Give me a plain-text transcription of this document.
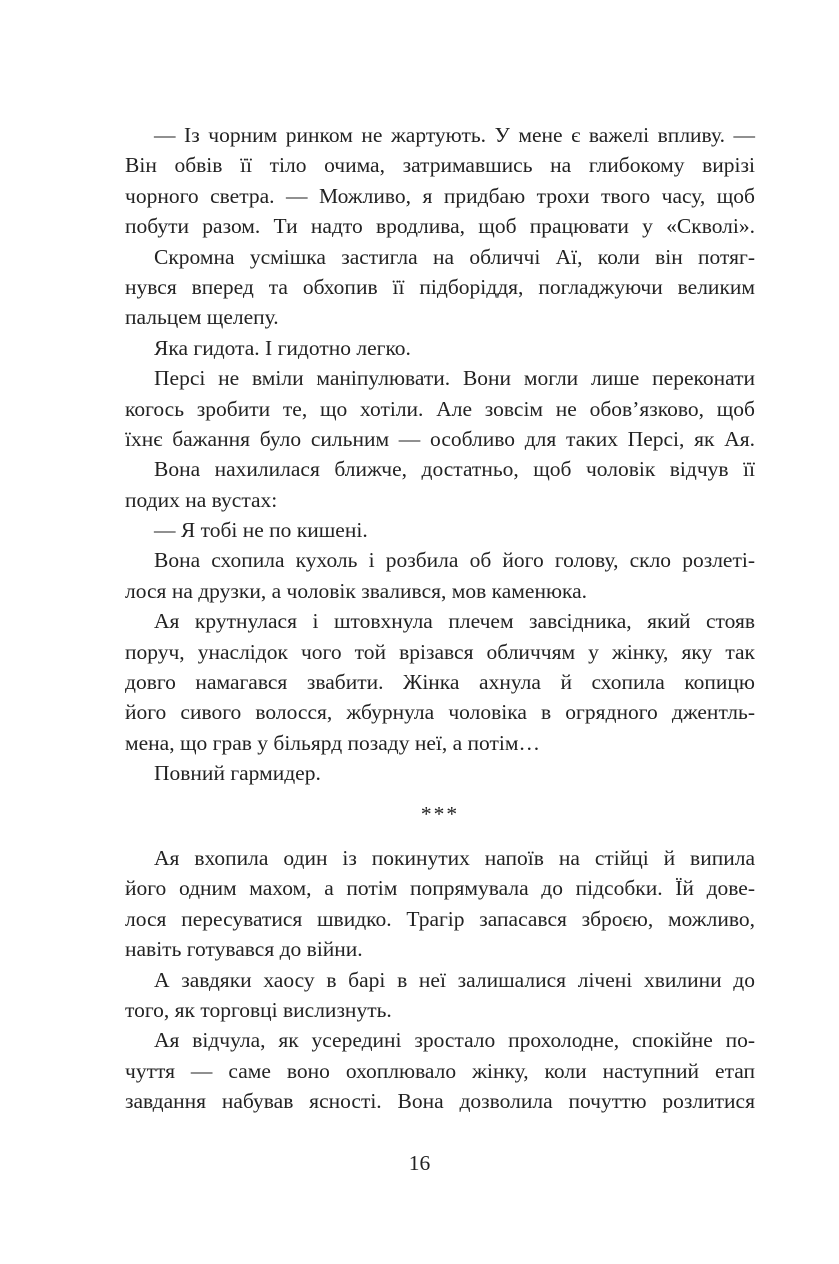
— Із чорним ринком не жартують. У мене є важелі впливу. —
Він обвів її тіло очима, затримавшись на глибокому вирізі
чорного светра. — Можливо, я придбаю трохи твого часу, щоб
побути разом. Ти надто вродлива, щоб працювати у «Скволі».
Скромна усмішка застигла на обличчі Аї, коли він потяг-
нувся вперед та обхопив її підборіддя, погладжуючи великим
пальцем щелепу.
Яка гидота. І гидотно легко.
Персі не вміли маніпулювати. Вони могли лише переконати
когось зробити те, що хотіли. Але зовсім не обов’язково, щоб
їхнє бажання було сильним — особливо для таких Персі, як Ая.
Вона нахилилася ближче, достатньо, щоб чоловік відчув її
подих на вустах:
— Я тобі не по кишені.
Вона схопила кухоль і розбила об його голову, скло розлеті-
лося на друзки, а чоловік звалився, мов каменюка.
Ая крутнулася і штовхнула плечем завсідника, який стояв
поруч, унаслідок чого той врізався обличчям у жінку, яку так
довго намагався звабити. Жінка ахнула й схопила копицю
його сивого волосся, жбурнула чоловіка в огрядного джентль-
мена, що грав у більярд позаду неї, а потім…
Повний гармидер.
***
Ая вхопила один із покинутих напоїв на стійці й випила
його одним махом, а потім попрямувала до підсобки. Їй дове-
лося пересуватися швидко. Трагір запасався зброєю, можливо,
навіть готувався до війни.
А завдяки хаосу в барі в неї залишалися лічені хвилини до
того, як торговці вислизнуть.
Ая відчула, як усередині зростало прохолодне, спокійне по-
чуття — саме воно охоплювало жінку, коли наступний етап
завдання набував ясності. Вона дозволила почуттю розлитися
16
